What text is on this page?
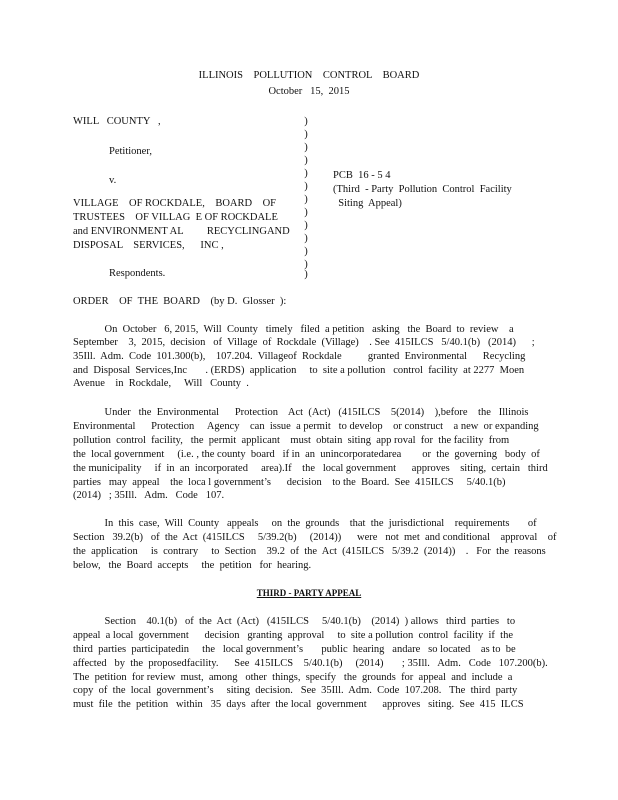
ILLINOIS    POLLUTION    CONTROL    BOARD
October   15,  2015
WILL   COUNTY   ,
Petitioner,
v.
VILLAGE    OF ROCKDALE,    BOARD    OF
TRUSTEES    OF VILLAG  E OF ROCKDALE
and ENVIRONMENT AL         RECYCLINGAND
DISPOSAL    SERVICES,      INC ,
Respondents.
)
)
)
)
)
)
)
)
)
)
)
)
)
PCB  16 - 5 4
(Third  - Party  Pollution  Control  Facility
Siting  Appeal)
ORDER    OF  THE  BOARD    (by D.  Glosser  ):
On  October   6, 2015,  Will  County   timely   filed  a petition   asking   the  Board  to  review    a
September    3,  2015,  decision   of  Village  of  Rockdale  (Village)    . See  415ILCS   5/40.1(b)   (2014)      ;
35Ill.  Adm.  Code  101.300(b),    107.204.  Villageof  Rockdale          granted  Environmental      Recycling
and  Disposal  Services,Inc       . (ERDS)  application     to  site a pollution   control  facility  at 2277  Moen
Avenue    in  Rockdale,     Will   County  .
Under   the  Environmental      Protection    Act  (Act)   (415ILCS    5(2014)    ),before    the   Illinois
Environmental      Protection     Agency    can  issue  a permit   to develop    or construct    a new  or expanding
pollution  control  facility,   the  permit  applicant    must  obtain  siting  app roval  for  the facility  from
the  local government     (i.e. , the county  board   if in  an  unincorporatedarea        or  the  governing   body  of
the municipality     if  in  an  incorporated     area).If    the   local government      approves    siting,  certain   third
parties   may  appeal    the  loca l government’s      decision    to the  Board.  See  415ILCS     5/40.1(b)
(2014)   ; 35Ill.   Adm.   Code   107.
In  this  case,  Will  County   appeals     on  the  grounds    that  the  jurisdictional    requirements       of
Section   39.2(b)   of  the  Act  (415ILCS     5/39.2(b)     (2014))      were   not  met  and conditional    approval    of
the  application     is  contrary     to  Section    39.2  of  the  Act  (415ILCS   5/39.2  (2014))    .   For  the  reasons
below,   the  Board  accepts     the  petition   for  hearing.
THIRD - PARTY APPEAL
Section    40.1(b)   of  the  Act  (Act)   (415ILCS     5/40.1(b)    (2014)  ) allows   third  parties   to
appeal  a local  government      decision   granting  approval     to  site a pollution  control  facility  if  the
third  parties  participatedin     the   local government’s       public  hearing   andare   so located    as to  be
affected   by  the  proposedfacility.      See  415ILCS    5/40.1(b)     (2014)       ; 35Ill.   Adm.   Code   107.200(b).
The  petition  for review  must,  among   other  things,  specify   the  grounds  for  appeal  and  include  a
copy  of  the  local  government’s     siting  decision.   See  35Ill.  Adm.  Code  107.208.   The  third  party
must  file  the  petition   within   35  days  after  the local  government      approves   siting.  See  415  ILCS
